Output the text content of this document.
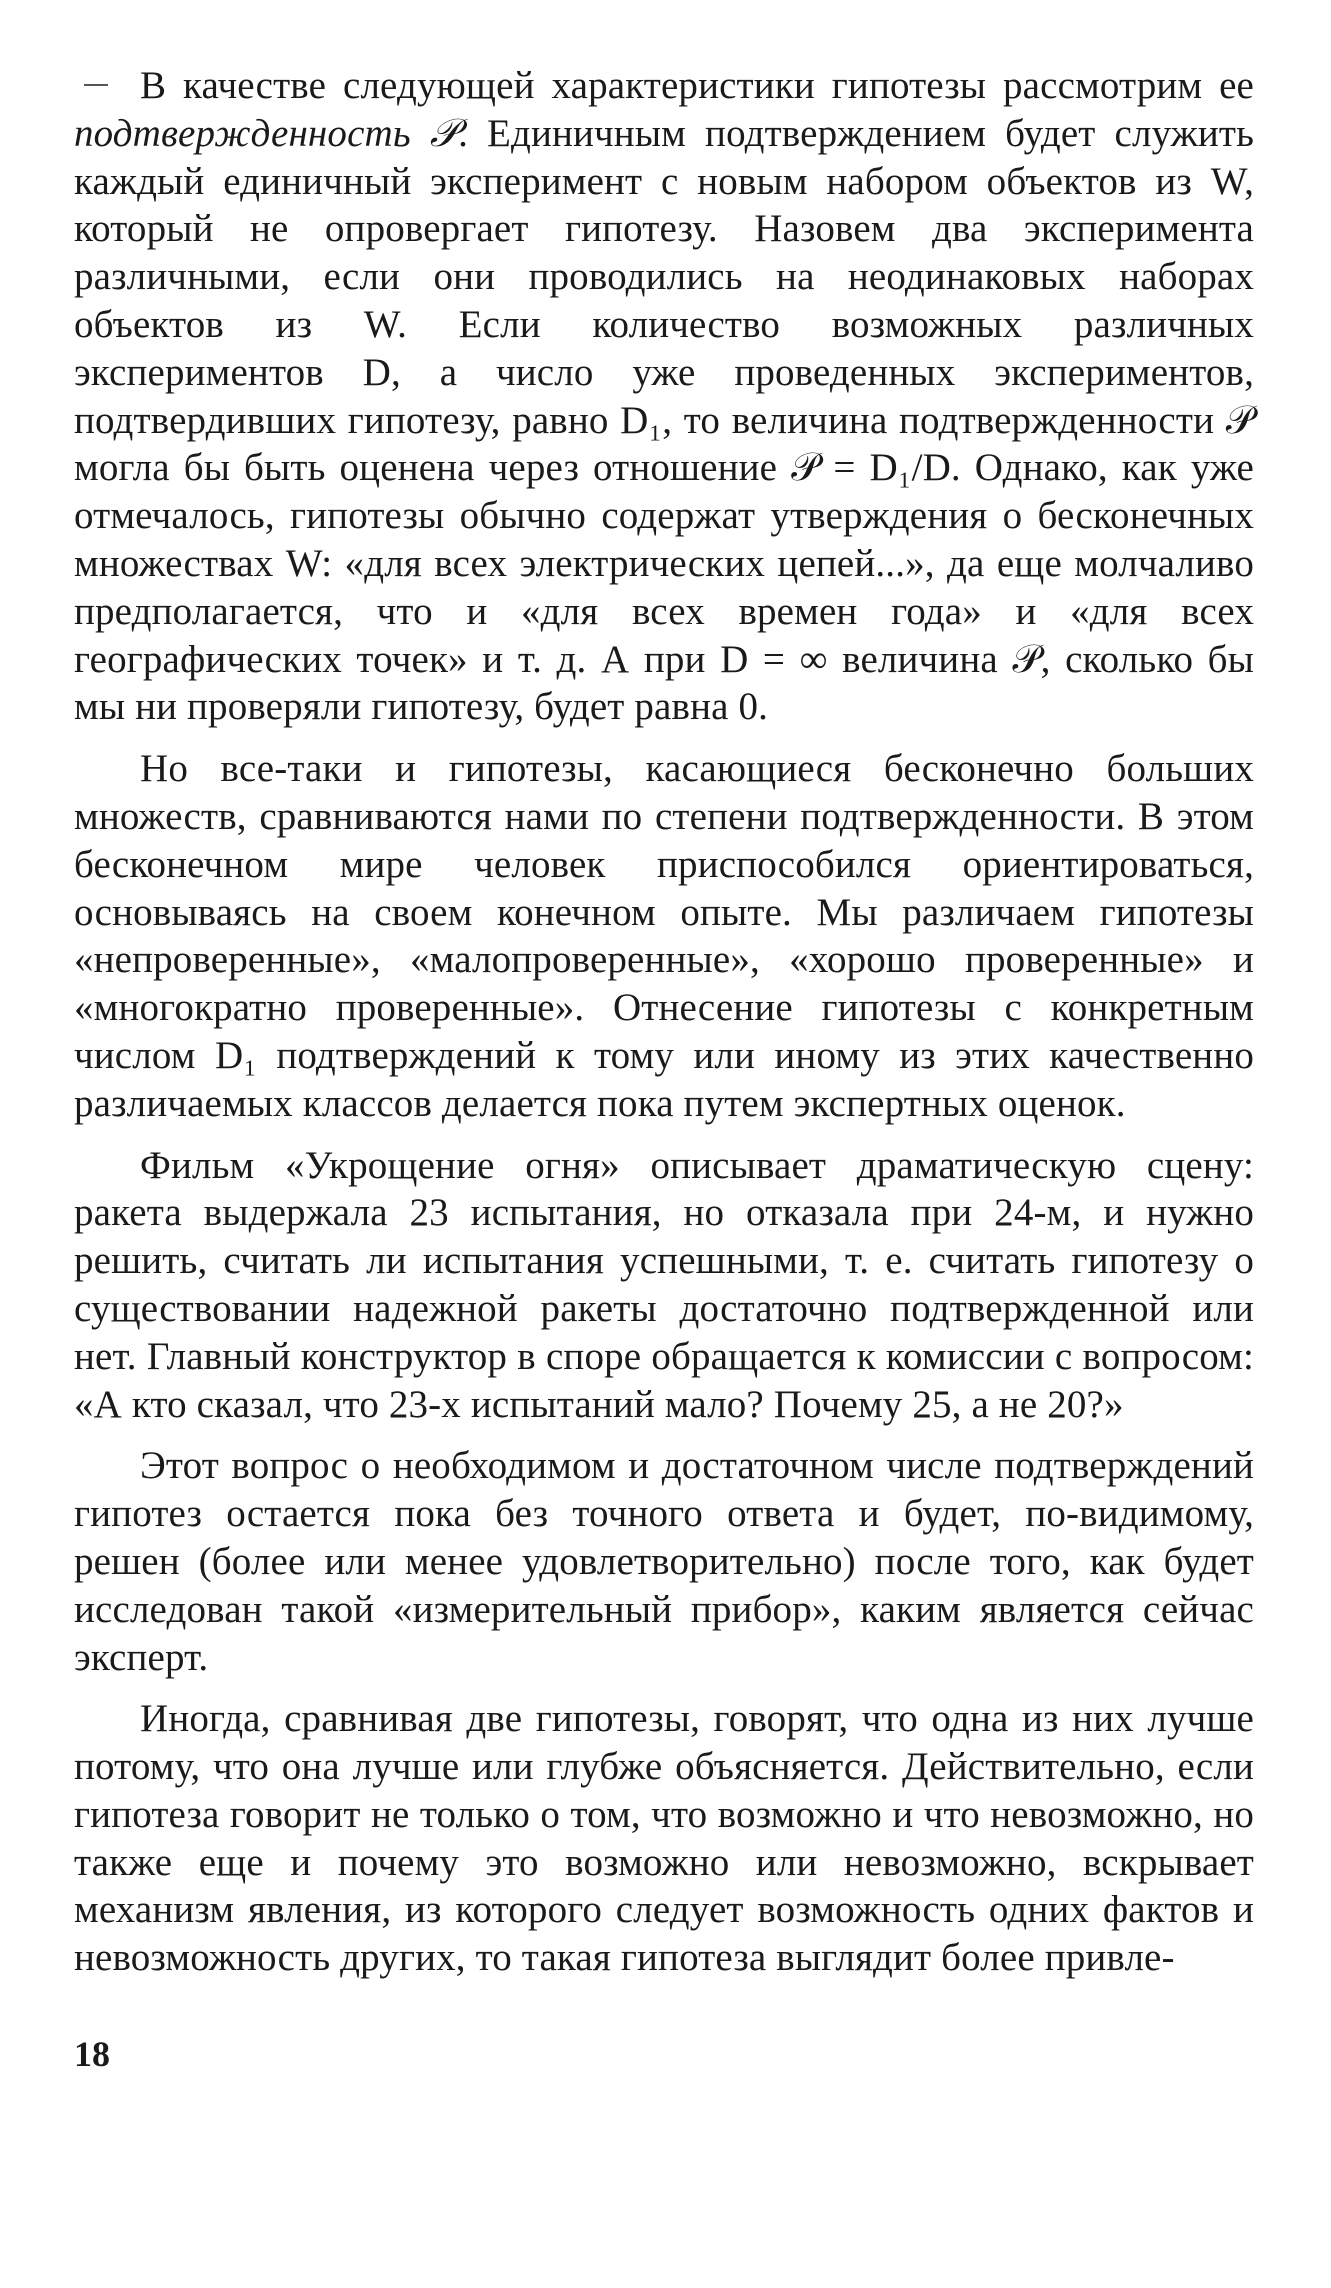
В качестве следующей характеристики гипотезы рассмотрим ее подтвержденность 𝒫. Единичным подтверждением будет служить каждый единичный эксперимент с новым набором объектов из W, который не опровергает гипотезу. Назовем два эксперимента различными, если они проводились на неодинаковых наборах объектов из W. Если количество возможных различных экспериментов D, а число уже проведенных экспериментов, подтвердивших гипотезу, равно D₁, то величина подтвержденности 𝒫 могла бы быть оценена через отношение 𝒫 = D₁/D. Однако, как уже отмечалось, гипотезы обычно содержат утверждения о бесконечных множествах W: «для всех электрических цепей...», да еще молчаливо предполагается, что и «для всех времен года» и «для всех географических точек» и т. д. А при D = ∞ величина 𝒫, сколько бы мы ни проверяли гипотезу, будет равна 0.

Но все-таки и гипотезы, касающиеся бесконечно больших множеств, сравниваются нами по степени подтвержденности. В этом бесконечном мире человек приспособился ориентироваться, основываясь на своем конечном опыте. Мы различаем гипотезы «непроверенные», «малопроверенные», «хорошо проверенные» и «многократно проверенные». Отнесение гипотезы с конкретным числом D₁ подтверждений к тому или иному из этих качественно различаемых классов делается пока путем экспертных оценок.

Фильм «Укрощение огня» описывает драматическую сцену: ракета выдержала 23 испытания, но отказала при 24-м, и нужно решить, считать ли испытания успешными, т. е. считать гипотезу о существовании надежной ракеты достаточно подтвержденной или нет. Главный конструктор в споре обращается к комиссии с вопросом: «А кто сказал, что 23-х испытаний мало? Почему 25, а не 20?»

Этот вопрос о необходимом и достаточном числе подтверждений гипотез остается пока без точного ответа и будет, по-видимому, решен (более или менее удовлетворительно) после того, как будет исследован такой «измерительный прибор», каким является сейчас эксперт.

Иногда, сравнивая две гипотезы, говорят, что одна из них лучше потому, что она лучше или глубже объясняется. Действительно, если гипотеза говорит не только о том, что возможно и что невозможно, но также еще и почему это возможно или невозможно, вскрывает механизм явления, из которого следует возможность одних фактов и невозможность других, то такая гипотеза выглядит более привле-

18
